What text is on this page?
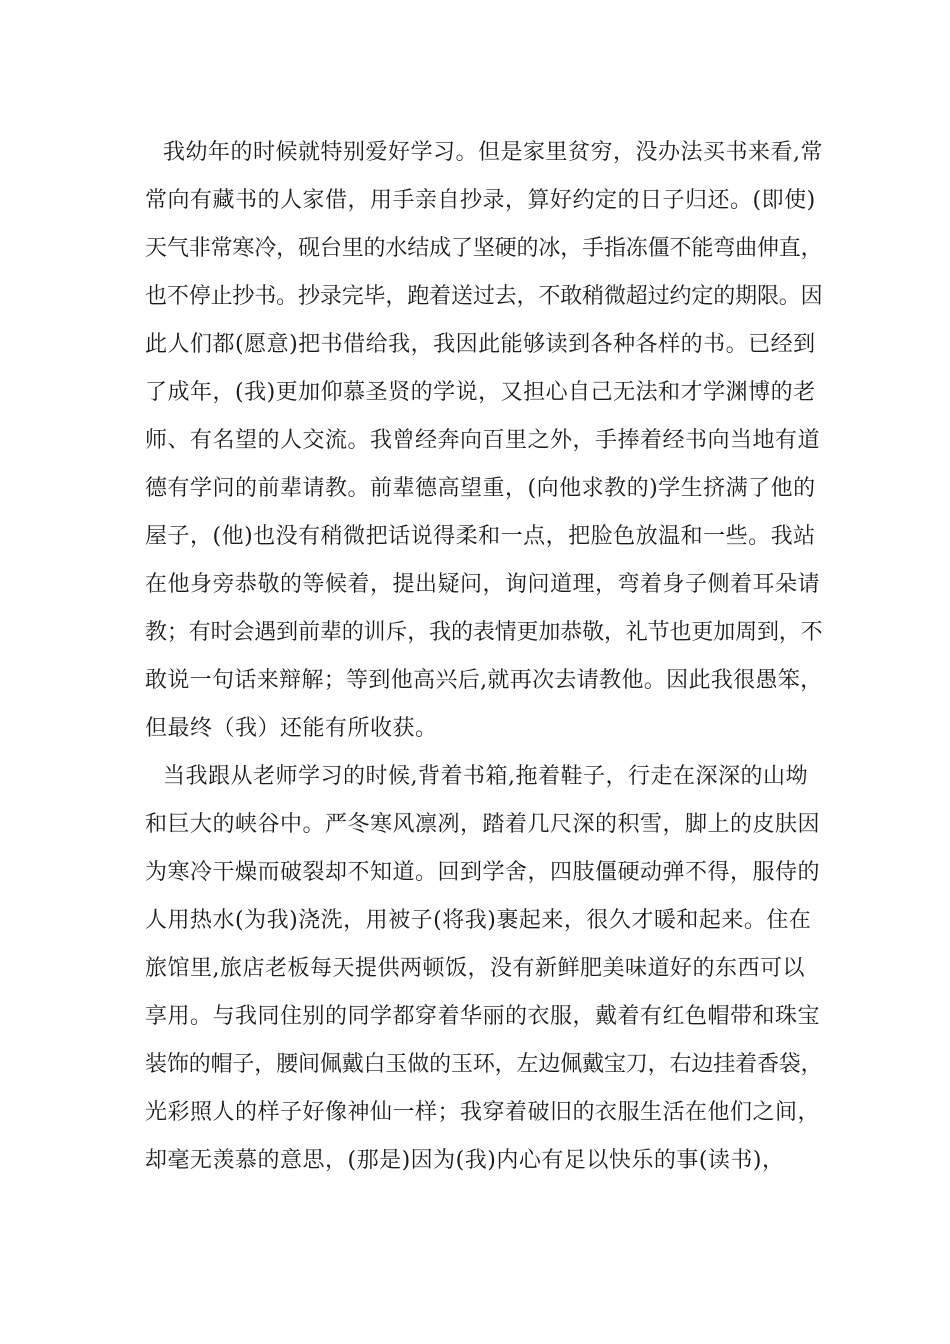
我幼年的时候就特别爱好学习。但是家里贫穷，没办法买书来看,常
常向有藏书的人家借，用手亲自抄录，算好约定的日子归还。(即使)
天气非常寒冷，砚台里的水结成了坚硬的冰，手指冻僵不能弯曲伸直，
也不停止抄书。抄录完毕，跑着送过去，不敢稍微超过约定的期限。因
此人们都(愿意)把书借给我，我因此能够读到各种各样的书。已经到
了成年，(我)更加仰慕圣贤的学说，又担心自己无法和才学渊博的老
师、有名望的人交流。我曾经奔向百里之外，手捧着经书向当地有道
德有学问的前辈请教。前辈德高望重，(向他求教的)学生挤满了他的
屋子，(他)也没有稍微把话说得柔和一点，把脸色放温和一些。我站
在他身旁恭敬的等候着，提出疑问，询问道理，弯着身子侧着耳朵请
教；有时会遇到前辈的训斥，我的表情更加恭敬，礼节也更加周到，不
敢说一句话来辩解；等到他高兴后,就再次去请教他。因此我很愚笨，
但最终（我）还能有所收获。
当我跟从老师学习的时候,背着书箱,拖着鞋子，行走在深深的山坳
和巨大的峡谷中。严冬寒风凛冽，踏着几尺深的积雪，脚上的皮肤因
为寒冷干燥而破裂却不知道。回到学舍，四肢僵硬动弹不得，服侍的
人用热水(为我)浇洗，用被子(将我)裹起来，很久才暖和起来。住在
旅馆里,旅店老板每天提供两顿饭，没有新鲜肥美味道好的东西可以
享用。与我同住别的同学都穿着华丽的衣服，戴着有红色帽带和珠宝
装饰的帽子，腰间佩戴白玉做的玉环，左边佩戴宝刀，右边挂着香袋，
光彩照人的样子好像神仙一样；我穿着破旧的衣服生活在他们之间，
却毫无羡慕的意思，(那是)因为(我)内心有足以快乐的事(读书)，
